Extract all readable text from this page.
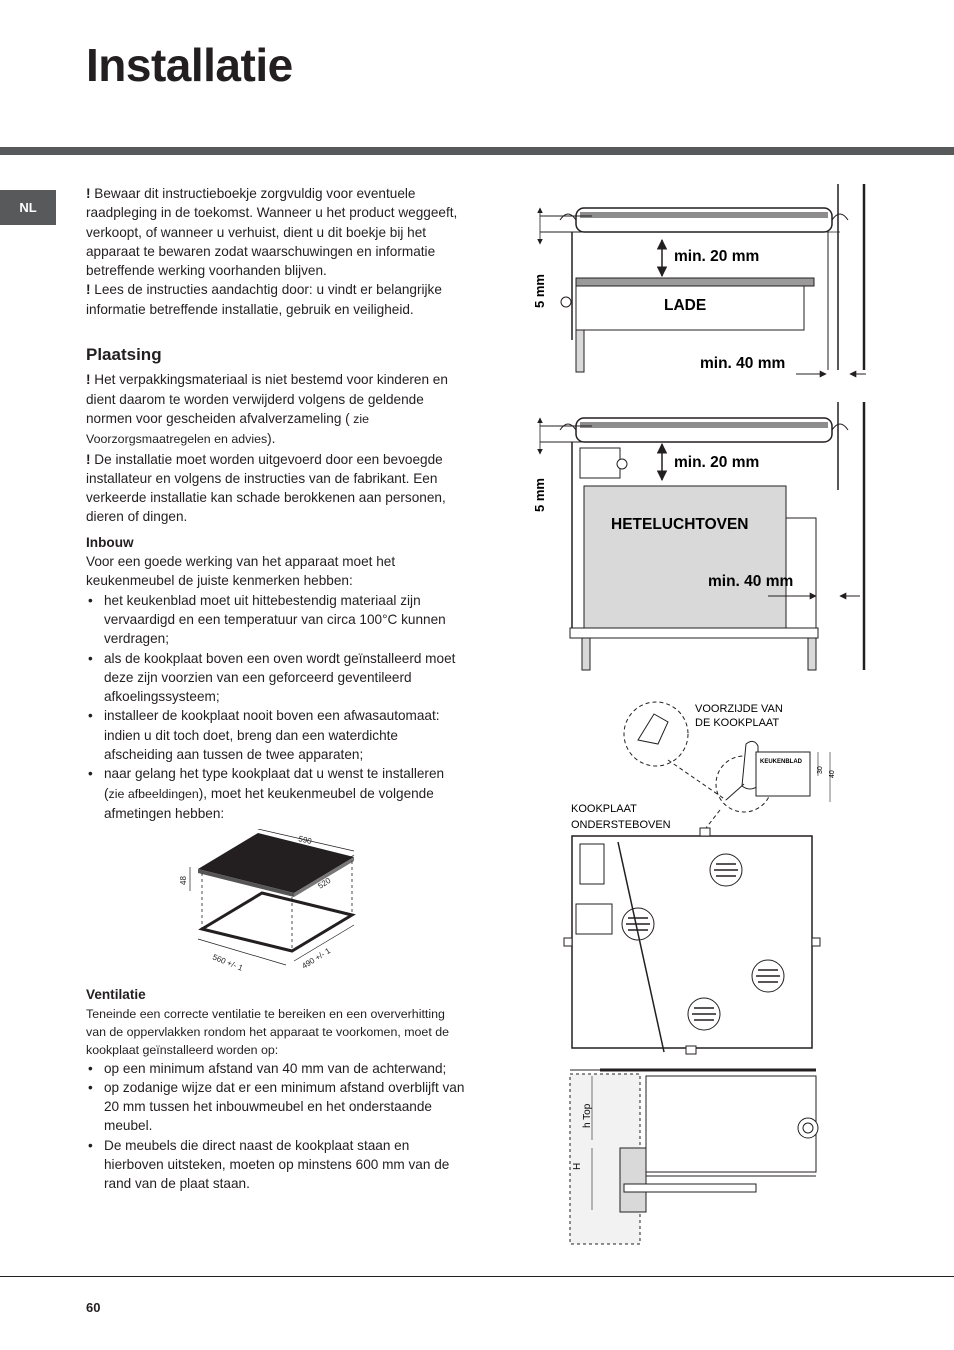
Installatie
NL

! Bewaar dit instructieboekje zorgvuldig voor eventuele raadpleging in de toekomst. Wanneer u het product weggeeft, verkoopt, of wanneer u verhuist, dient u dit boekje bij het apparaat te bewaren zodat waarschuwingen en informatie betreffende werking voorhanden blijven.

! Lees de instructies aandachtig door: u vindt er belangrijke informatie betreffende installatie, gebruik en veiligheid.

Plaatsing

! Het verpakkingsmateriaal is niet bestemd voor kinderen en dient daarom te worden verwijderd volgens de geldende normen voor gescheiden afvalverzameling ( zie Voorzorgsmaatregelen en advies).

! De installatie moet worden uitgevoerd door een bevoegde installateur en volgens de instructies van de fabrikant. Een verkeerde installatie kan schade berokkenen aan personen, dieren of dingen.

Inbouw

Voor een goede werking van het apparaat moet het keukenmeubel de juiste kenmerken hebben:

• het keukenblad moet uit hittebestendig materiaal zijn vervaardigd en een temperatuur van circa 100°C kunnen verdragen;
• als de kookplaat boven een oven wordt geïnstalleerd moet deze zijn voorzien van een geforceerd geventileerd afkoelingssysteem;
• installeer de kookplaat nooit boven een afwasautomaat: indien u dit toch doet, breng dan een waterdichte afscheiding aan tussen de twee apparaten;
• naar gelang het type kookplaat dat u wenst te installeren (zie afbeeldingen), moet het keukenmeubel de volgende afmetingen hebben:
590
48	520
560 +/- 1	490 +/- 1

Ventilatie

Teneinde een correcte ventilatie te bereiken en een oververhitting van de oppervlakken rondom het apparaat te voorkomen, moet de kookplaat geïnstalleerd worden op:

• op een minimum afstand van 40 mm van de achterwand;
• op zodanige wijze dat er een minimum afstand overblijft van 20 mm tussen het inbouwmeubel en het onderstaande meubel.
• De meubels die direct naast de kookplaat staan en hierboven uitsteken, moeten op minstens 600 mm van de rand van de plaat staan.
5 mm
min. 20 mm
LADE
min. 40 mm
5 mm
min. 20 mm
HETELUCHTOVEN
min. 40 mm
VOORZIJDE VAN
DE KOOKPLAAT
KEUKENBLAD
30
40
KOOKPLAAT
ONDERSTEBOVEN
h Top
H
60
